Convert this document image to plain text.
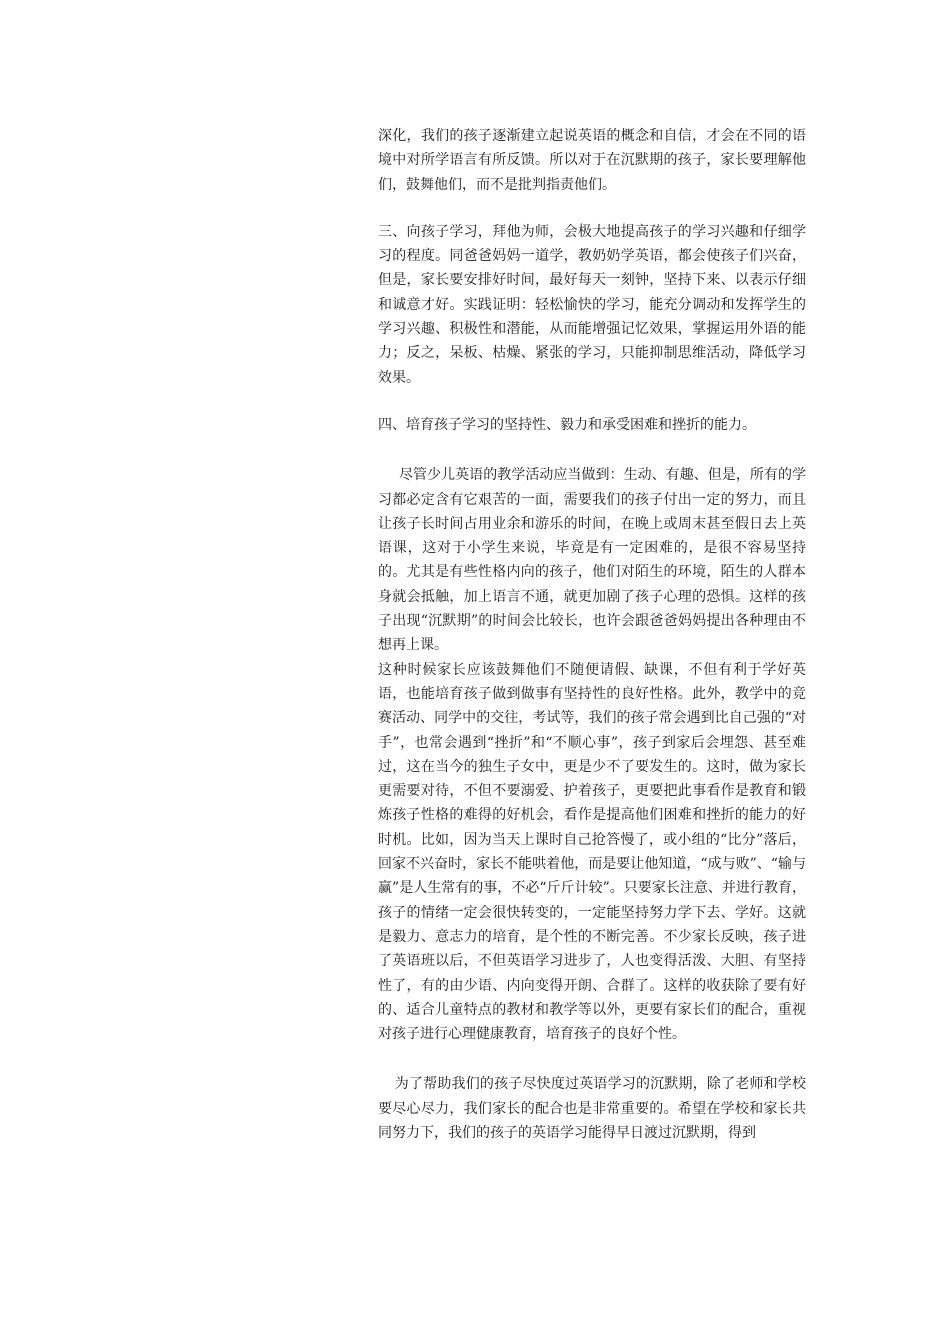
深化，我们的孩子逐渐建立起说英语的概念和自信，才会在不同的语境中对所学语言有所反馈。所以对于在沉默期的孩子，家长要理解他们，鼓舞他们，而不是批判指责他们。

三、向孩子学习，拜他为师，会极大地提高孩子的学习兴趣和仔细学习的程度。同爸爸妈妈一道学，教奶奶学英语，都会使孩子们兴奋，但是，家长要安排好时间，最好每天一刻钟，坚持下来、以表示仔细和诚意才好。实践证明：轻松愉快的学习，能充分调动和发挥学生的学习兴趣、积极性和潜能，从而能增强记忆效果，掌握运用外语的能力；反之，呆板、枯燥、紧张的学习，只能抑制思维活动，降低学习效果。

四、培育孩子学习的坚持性、毅力和承受困难和挫折的能力。

尽管少儿英语的教学活动应当做到：生动、有趣、但是，所有的学习都必定含有它艰苦的一面，需要我们的孩子付出一定的努力，而且让孩子长时间占用业余和游乐的时间，在晚上或周末甚至假日去上英语课，这对于小学生来说，毕竟是有一定困难的，是很不容易坚持的。尤其是有些性格内向的孩子，他们对陌生的环境，陌生的人群本身就会抵触，加上语言不通，就更加剧了孩子心理的恐惧。这样的孩子出现“沉默期”的时间会比较长，也许会跟爸爸妈妈提出各种理由不想再上课。

这种时候家长应该鼓舞他们不随便请假、缺课，不但有利于学好英语，也能培育孩子做到做事有坚持性的良好性格。此外，教学中的竞赛活动、同学中的交往，考试等，我们的孩子常会遇到比自己强的“对手”，也常会遇到“挫折”和“不顺心事”，孩子到家后会埋怨、甚至难过，这在当今的独生子女中，更是少不了要发生的。这时，做为家长更需要对待，不但不要溺爱、护着孩子，更要把此事看作是教育和锻炼孩子性格的难得的好机会，看作是提高他们困难和挫折的能力的好时机。比如，因为当天上课时自己抢答慢了，或小组的“比分”落后，回家不兴奋时，家长不能哄着他，而是要让他知道，“成与败”、“输与赢”是人生常有的事，不必“斤斤计较”。只要家长注意、并进行教育，孩子的情绪一定会很快转变的，一定能坚持努力学下去、学好。这就是毅力、意志力的培育，是个性的不断完善。不少家长反映，孩子进了英语班以后，不但英语学习进步了，人也变得活泼、大胆、有坚持性了，有的由少语、内向变得开朗、合群了。这样的收获除了要有好的、适合儿童特点的教材和教学等以外，更要有家长们的配合，重视对孩子进行心理健康教育，培育孩子的良好个性。

为了帮助我们的孩子尽快度过英语学习的沉默期，除了老师和学校要尽心尽力，我们家长的配合也是非常重要的。希望在学校和家长共同努力下，我们的孩子的英语学习能得早日渡过沉默期，得到
